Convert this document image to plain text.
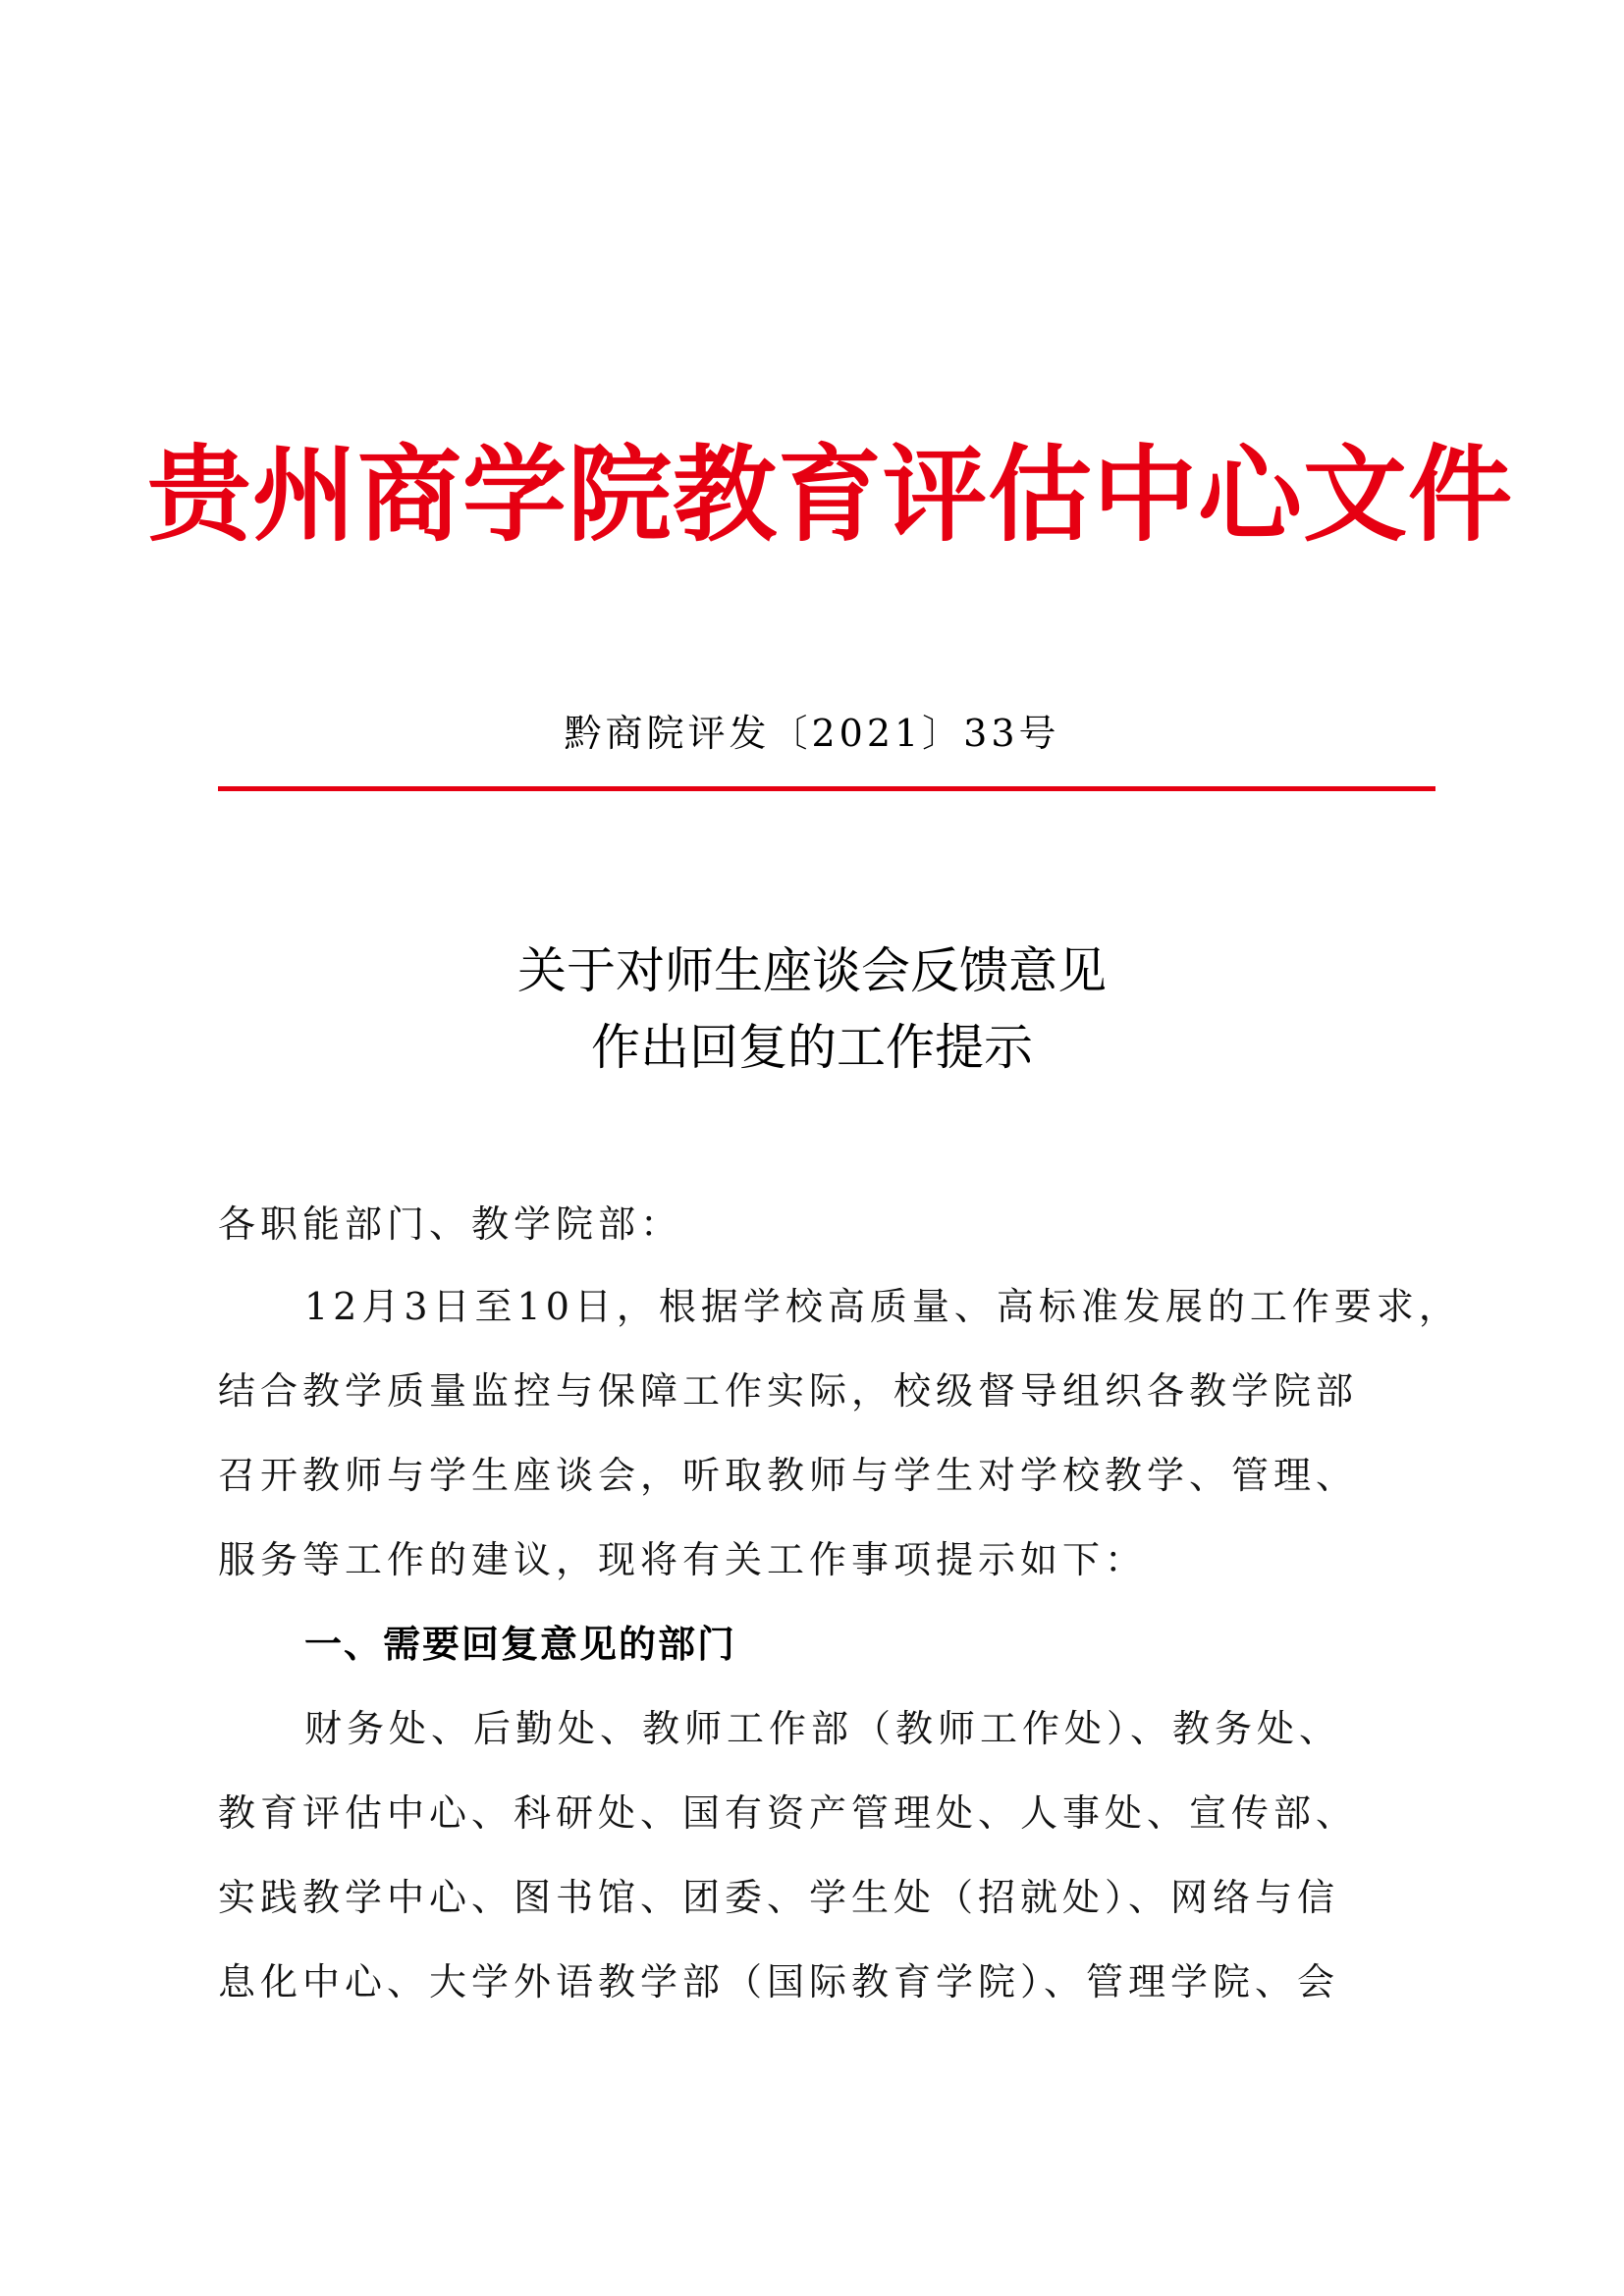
贵州商学院教育评估中心文件
黔商院评发〔2021〕33号
关于对师生座谈会反馈意见
作出回复的工作提示
各职能部门、教学院部：
12月3日至10日，根据学校高质量、高标准发展的工作要求，
结合教学质量监控与保障工作实际，校级督导组织各教学院部
召开教师与学生座谈会，听取教师与学生对学校教学、管理、
服务等工作的建议，现将有关工作事项提示如下：
一、需要回复意见的部门
财务处、后勤处、教师工作部（教师工作处）、教务处、
教育评估中心、科研处、国有资产管理处、人事处、宣传部、
实践教学中心、图书馆、团委、学生处（招就处）、网络与信
息化中心、大学外语教学部（国际教育学院）、管理学院、会
